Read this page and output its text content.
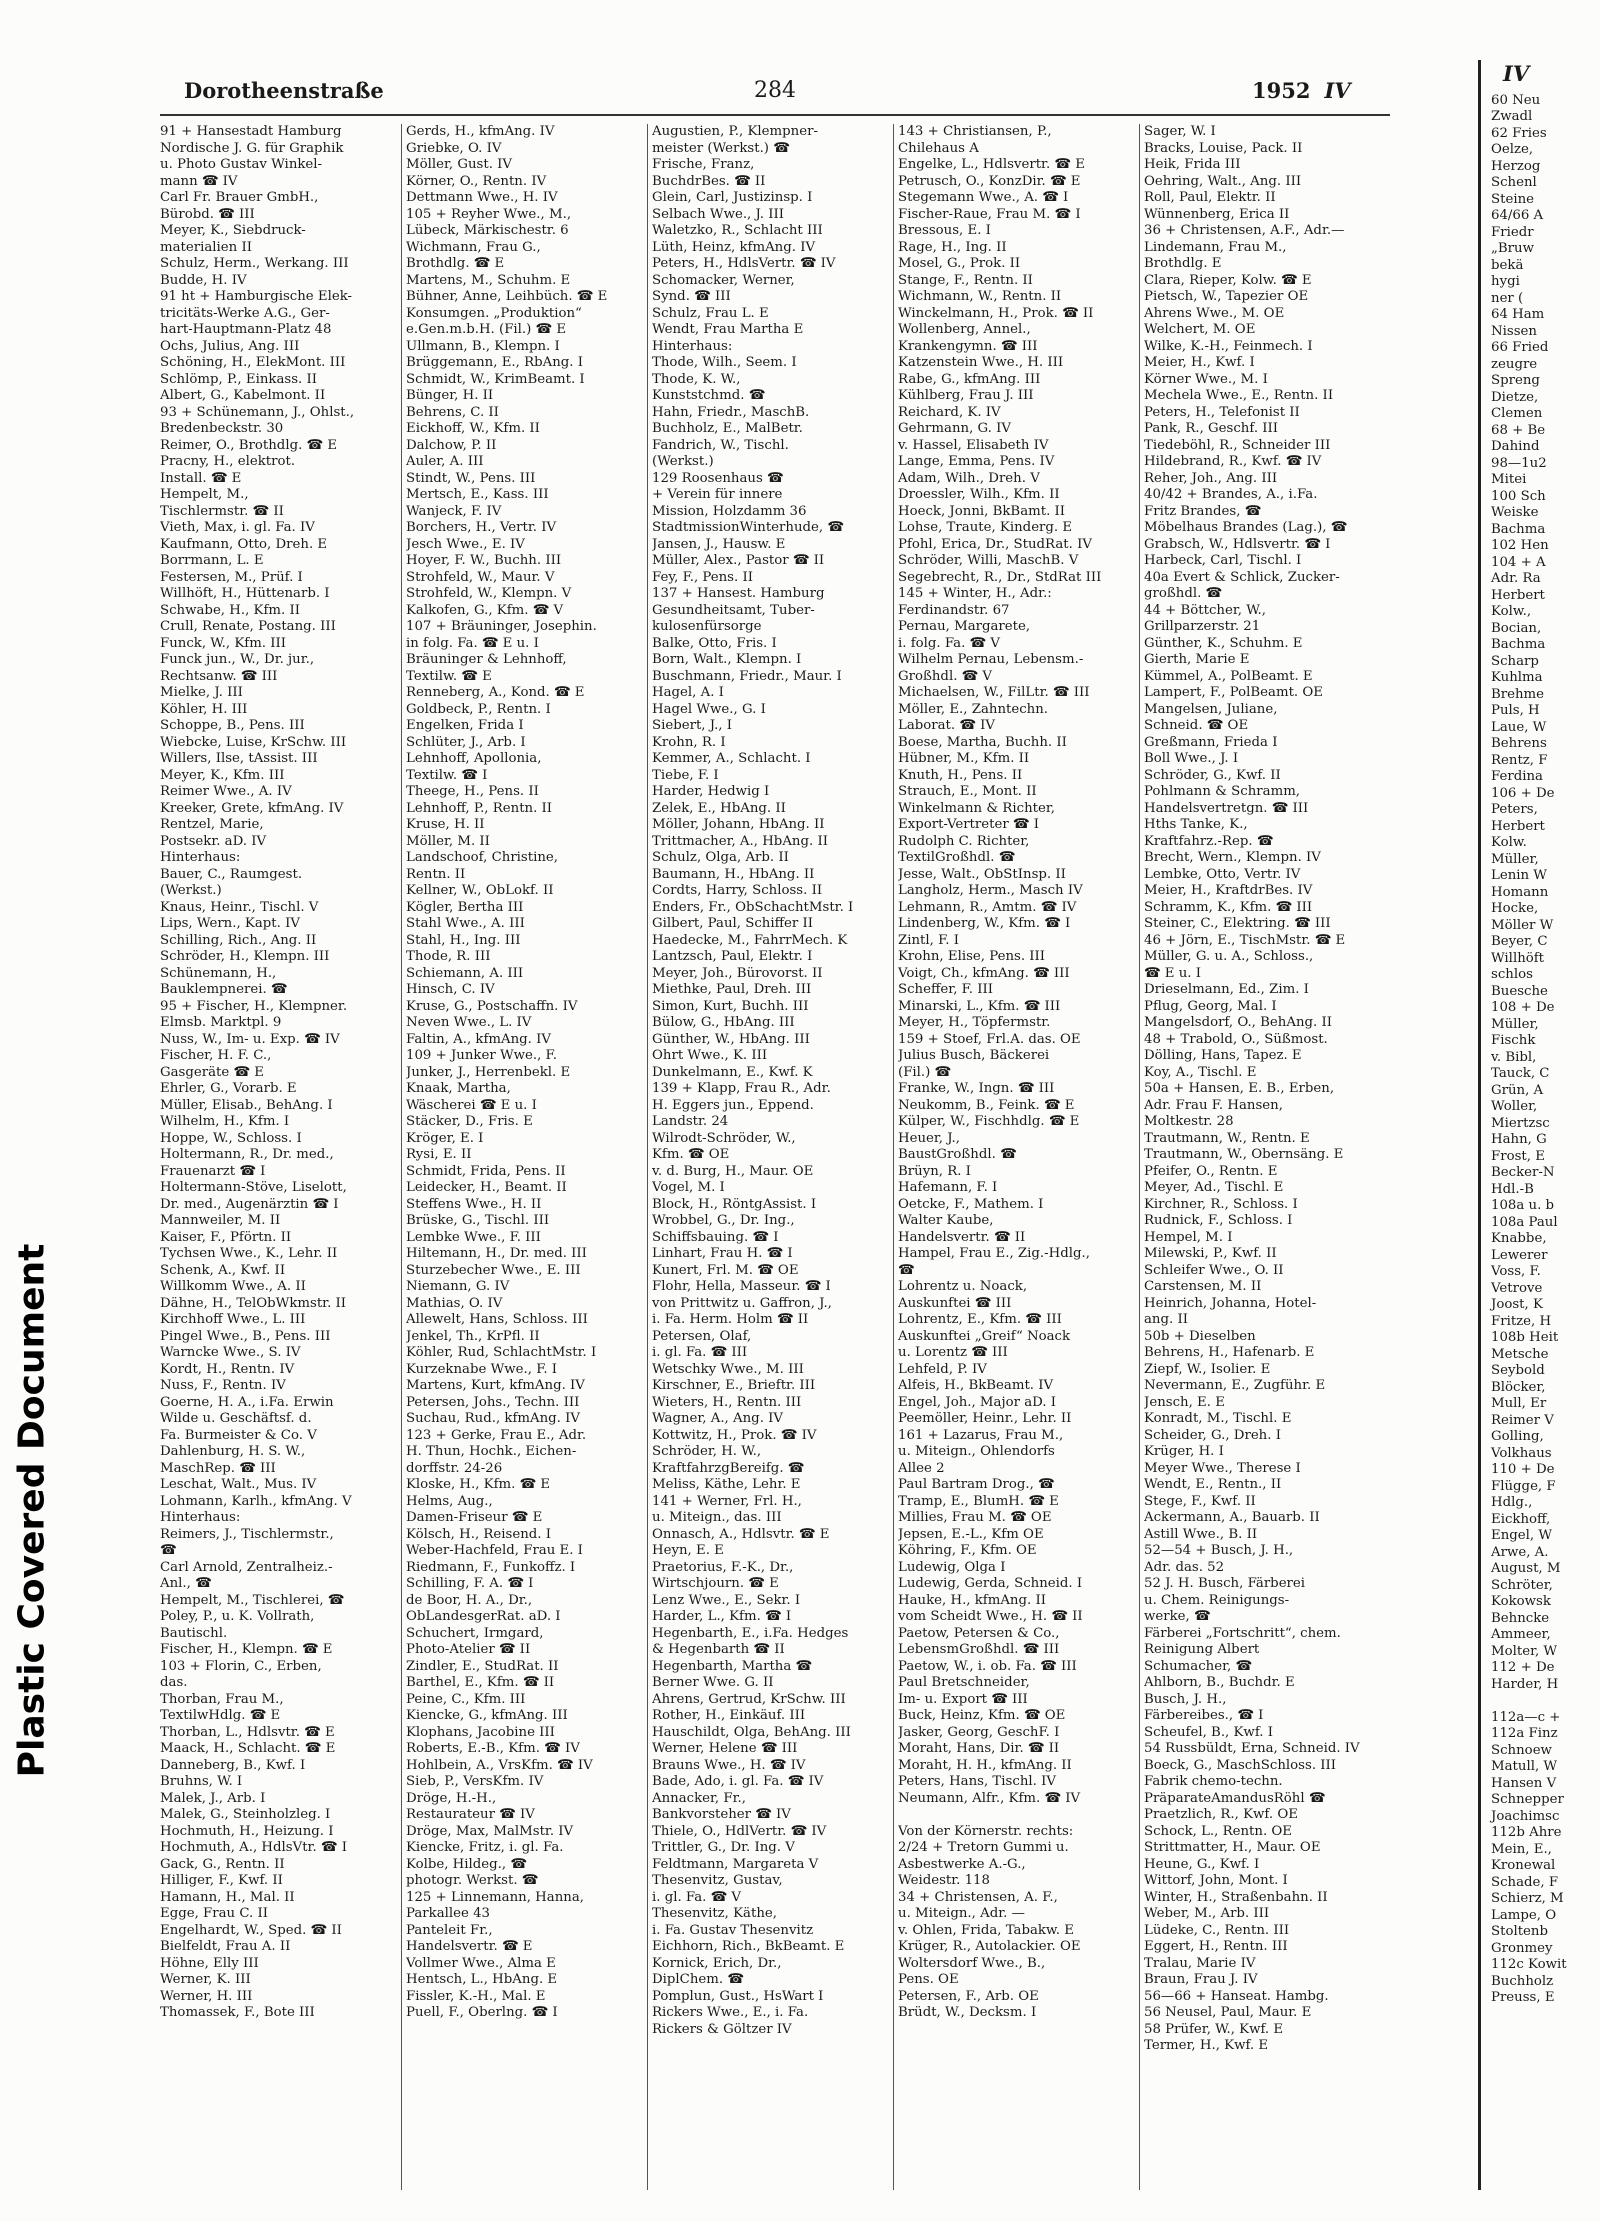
Plastic Covered Document
Dorotheenstraße	284	1952 IV
91 + Hansestadt Hamburg
Nordische J. G. für Graphik
u. Photo Gustav Winkel-
mann ☎ IV
Carl Fr. Brauer GmbH.,
Bürobd. ☎ III
Meyer, K., Siebdruck-
materialien II
Schulz, Herm., Werkang. III
Budde, H. IV
91 ht + Hamburgische Elek-
tricitäts-Werke A.G., Ger-
hart-Hauptmann-Platz 48
Ochs, Julius, Ang. III
Schöning, H., ElekMont. III
Schlömp, P., Einkass. II
Albert, G., Kabelmont. II
93 + Schünemann, J., Ohlst.,
Bredenbeckstr. 30
Reimer, O., Brothdlg. ☎ E
Pracny, H., elektrot.
Install. ☎ E
Hempelt, M.,
Tischlermstr. ☎ II
Vieth, Max, i. gl. Fa. IV
Kaufmann, Otto, Dreh. E
Borrmann, L. E
Festersen, M., Prüf. I
Willhöft, H., Hüttenarb. I
Schwabe, H., Kfm. II
Crull, Renate, Postang. III
Funck, W., Kfm. III
Funck jun., W., Dr. jur.,
Rechtsanw. ☎ III
Mielke, J. III
Köhler, H. III
Schoppe, B., Pens. III
Wiebcke, Luise, KrSchw. III
Willers, Ilse, tAssist. III
Meyer, K., Kfm. III
Reimer Wwe., A. IV
Kreeker, Grete, kfmAng. IV
Rentzel, Marie,
Postsekr. aD. IV
Hinterhaus:
Bauer, C., Raumgest.
(Werkst.)
Knaus, Heinr., Tischl. V
Lips, Wern., Kapt. IV
Schilling, Rich., Ang. II
Schröder, H., Klempn. III
Schünemann, H.,
Bauklempnerei. ☎
95 + Fischer, H., Klempner.
Elmsb. Marktpl. 9
Nuss, W., Im- u. Exp. ☎ IV
Fischer, H. F. C.,
Gasgeräte ☎ E
Ehrler, G., Vorarb. E
Müller, Elisab., BehAng. I
Wilhelm, H., Kfm. I
Hoppe, W., Schloss. I
Holtermann, R., Dr. med.,
Frauenarzt ☎ I
Holtermann-Stöve, Liselott,
Dr. med., Augenärztin ☎ I
Mannweiler, M. II
Kaiser, F., Pförtn. II
Tychsen Wwe., K., Lehr. II
Schenk, A., Kwf. II
Willkomm Wwe., A. II
Dähne, H., TelObWkmstr. II
Kirchhoff Wwe., L. III
Pingel Wwe., B., Pens. III
Warncke Wwe., S. IV
Kordt, H., Rentn. IV
Nuss, F., Rentn. IV
Goerne, H. A., i.Fa. Erwin
Wilde u. Geschäftsf. d.
Fa. Burmeister & Co. V
Dahlenburg, H. S. W.,
MaschRep. ☎ III
Leschat, Walt., Mus. IV
Lohmann, Karlh., kfmAng. V
Hinterhaus:
Reimers, J., Tischlermstr.,
☎
Carl Arnold, Zentralheiz.-
Anl., ☎
Hempelt, M., Tischlerei, ☎
Poley, P., u. K. Vollrath,
Bautischl.
Fischer, H., Klempn. ☎ E
103 + Florin, C., Erben,
das.
Thorban, Frau M.,
TextilwHdlg. ☎ E
Thorban, L., Hdlsvtr. ☎ E
Maack, H., Schlacht. ☎ E
Danneberg, B., Kwf. I
Bruhns, W. I
Malek, J., Arb. I
Malek, G., Steinholzleg. I
Hochmuth, H., Heizung. I
Hochmuth, A., HdlsVtr. ☎ I
Gack, G., Rentn. II
Hilliger, F., Kwf. II
Hamann, H., Mal. II
Egge, Frau C. II
Engelhardt, W., Sped. ☎ II
Bielfeldt, Frau A. II
Höhne, Elly III
Werner, K. III
Werner, H. III
Thomassek, F., Bote III
Gerds, H., kfmAng. IV
Griebke, O. IV
Möller, Gust. IV
Körner, O., Rentn. IV
Dettmann Wwe., H. IV
105 + Reyher Wwe., M.,
Lübeck, Märkischestr. 6
Wichmann, Frau G.,
Brothdlg. ☎ E
Martens, M., Schuhm. E
Bühner, Anne, Leihbüch. ☎ E
Konsumgen. „Produktion“
e.Gen.m.b.H. (Fil.) ☎ E
Ullmann, B., Klempn. I
Brüggemann, E., RbAng. I
Schmidt, W., KrimBeamt. I
Bünger, H. II
Behrens, C. II
Eickhoff, W., Kfm. II
Dalchow, P. II
Auler, A. III
Stindt, W., Pens. III
Mertsch, E., Kass. III
Wanjeck, F. IV
Borchers, H., Vertr. IV
Jesch Wwe., E. IV
Hoyer, F. W., Buchh. III
Strohfeld, W., Maur. V
Strohfeld, W., Klempn. V
Kalkofen, G., Kfm. ☎ V
107 + Bräuninger, Josephin.
in folg. Fa. ☎ E u. I
Bräuninger & Lehnhoff,
Textilw. ☎ E
Renneberg, A., Kond. ☎ E
Goldbeck, P., Rentn. I
Engelken, Frida I
Schlüter, J., Arb. I
Lehnhoff, Apollonia,
Textilw. ☎ I
Theege, H., Pens. II
Lehnhoff, P., Rentn. II
Kruse, H. II
Möller, M. II
Landschoof, Christine,
Rentn. II
Kellner, W., ObLokf. II
Kögler, Bertha III
Stahl Wwe., A. III
Stahl, H., Ing. III
Thode, R. III
Schiemann, A. III
Hinsch, C. IV
Kruse, G., Postschaffn. IV
Neven Wwe., L. IV
Faltin, A., kfmAng. IV
109 + Junker Wwe., F.
Junker, J., Herrenbekl. E
Knaak, Martha,
Wäscherei ☎ E u. I
Stäcker, D., Fris. E
Kröger, E. I
Rysi, E. II
Schmidt, Frida, Pens. II
Leidecker, H., Beamt. II
Steffens Wwe., H. II
Brüske, G., Tischl. III
Lembke Wwe., F. III
Hiltemann, H., Dr. med. III
Sturzebecher Wwe., E. III
Niemann, G. IV
Mathias, O. IV
Allewelt, Hans, Schloss. III
Jenkel, Th., KrPfl. II
Köhler, Rud, SchlachtMstr. I
Kurzeknabe Wwe., F. I
Martens, Kurt, kfmAng. IV
Petersen, Johs., Techn. III
Suchau, Rud., kfmAng. IV
123 + Gerke, Frau E., Adr.
H. Thun, Hochk., Eichen-
dorffstr. 24-26
Kloske, H., Kfm. ☎ E
Helms, Aug.,
Damen-Friseur ☎ E
Kölsch, H., Reisend. I
Weber-Hachfeld, Frau E. I
Riedmann, F., Funkoffz. I
Schilling, F. A. ☎ I
de Boor, H. A., Dr.,
ObLandesgerRat. aD. I
Schuchert, Irmgard,
Photo-Atelier ☎ II
Zindler, E., StudRat. II
Barthel, E., Kfm. ☎ II
Peine, C., Kfm. III
Kiencke, G., kfmAng. III
Klophans, Jacobine III
Roberts, E.-B., Kfm. ☎ IV
Hohlbein, A., VrsKfm. ☎ IV
Sieb, P., VersKfm. IV
Dröge, H.-H.,
Restaurateur ☎ IV
Dröge, Max, MalMstr. IV
Kiencke, Fritz, i. gl. Fa.
Kolbe, Hildeg., ☎
photogr. Werkst. ☎
125 + Linnemann, Hanna,
Parkallee 43
Panteleit Fr.,
Handelsvertr. ☎ E
Vollmer Wwe., Alma E
Hentsch, L., HbAng. E
Fissler, K.-H., Mal. E
Puell, F., Oberlng. ☎ I
Augustien, P., Klempner-
meister (Werkst.) ☎
Frische, Franz,
BuchdrBes. ☎ II
Glein, Carl, Justizinsp. I
Selbach Wwe., J. III
Waletzko, R., Schlacht III
Lüth, Heinz, kfmAng. IV
Peters, H., HdlsVertr. ☎ IV
Schomacker, Werner,
Synd. ☎ III
Schulz, Frau L. E
Wendt, Frau Martha E
Hinterhaus:
Thode, Wilh., Seem. I
Thode, K. W.,
Kunststchmd. ☎
Hahn, Friedr., MaschB.
Buchholz, E., MalBetr.
Fandrich, W., Tischl.
(Werkst.)
129 Roosenhaus ☎
+ Verein für innere
Mission, Holzdamm 36
StadtmissionWinterhude, ☎
Jansen, J., Hausw. E
Müller, Alex., Pastor ☎ II
Fey, F., Pens. II
137 + Hansest. Hamburg
Gesundheitsamt, Tuber-
kulosenfürsorge
Balke, Otto, Fris. I
Born, Walt., Klempn. I
Buschmann, Friedr., Maur. I
Hagel, A. I
Hagel Wwe., G. I
Siebert, J., I
Krohn, R. I
Kemmer, A., Schlacht. I
Tiebe, F. I
Harder, Hedwig I
Zelek, E., HbAng. II
Möller, Johann, HbAng. II
Trittmacher, A., HbAng. II
Schulz, Olga, Arb. II
Baumann, H., HbAng. II
Cordts, Harry, Schloss. II
Enders, Fr., ObSchachtMstr. I
Gilbert, Paul, Schiffer II
Haedecke, M., FahrrMech. K
Lantzsch, Paul, Elektr. I
Meyer, Joh., Bürovorst. II
Miethke, Paul, Dreh. III
Simon, Kurt, Buchh. III
Bülow, G., HbAng. III
Günther, W., HbAng. III
Ohrt Wwe., K. III
Dunkelmann, E., Kwf. K
139 + Klapp, Frau R., Adr.
H. Eggers jun., Eppend.
Landstr. 24
Wilrodt-Schröder, W.,
Kfm. ☎ OE
v. d. Burg, H., Maur. OE
Vogel, M. I
Block, H., RöntgAssist. I
Wrobbel, G., Dr. Ing.,
Schiffsbauing. ☎ I
Linhart, Frau H. ☎ I
Kunert, Frl. M. ☎ OE
Flohr, Hella, Masseur. ☎ I
von Prittwitz u. Gaffron, J.,
i. Fa. Herm. Holm ☎ II
Petersen, Olaf,
i. gl. Fa. ☎ III
Wetschky Wwe., M. III
Kirschner, E., Brieftr. III
Wieters, H., Rentn. III
Wagner, A., Ang. IV
Kottwitz, H., Prok. ☎ IV
Schröder, H. W.,
KraftfahrzgBereifg. ☎
Meliss, Käthe, Lehr. E
141 + Werner, Frl. H.,
u. Miteign., das. III
Onnasch, A., Hdlsvtr. ☎ E
Heyn, E. E
Praetorius, F.-K., Dr.,
Wirtschjourn. ☎ E
Lenz Wwe., E., Sekr. I
Harder, L., Kfm. ☎ I
Hegenbarth, E., i.Fa. Hedges
& Hegenbarth ☎ II
Hegenbarth, Martha ☎
Berner Wwe. G. II
Ahrens, Gertrud, KrSchw. III
Rother, H., Einkäuf. III
Hauschildt, Olga, BehAng. III
Werner, Helene ☎ III
Brauns Wwe., H. ☎ IV
Bade, Ado, i. gl. Fa. ☎ IV
Annacker, Fr.,
Bankvorsteher ☎ IV
Thiele, O., HdlVertr. ☎ IV
Trittler, G., Dr. Ing. V
Feldtmann, Margareta V
Thesenvitz, Gustav,
i. gl. Fa. ☎ V
Thesenvitz, Käthe,
i. Fa. Gustav Thesenvitz
Eichhorn, Rich., BkBeamt. E
Kornick, Erich, Dr.,
DiplChem. ☎
Pomplun, Gust., HsWart I
Rickers Wwe., E., i. Fa.
Rickers & Göltzer IV
143 + Christiansen, P.,
Chilehaus A
Engelke, L., Hdlsvertr. ☎ E
Petrusch, O., KonzDir. ☎ E
Stegemann Wwe., A. ☎ I
Fischer-Raue, Frau M. ☎ I
Bressous, E. I
Rage, H., Ing. II
Mosel, G., Prok. II
Stange, F., Rentn. II
Wichmann, W., Rentn. II
Winckelmann, H., Prok. ☎ II
Wollenberg, Annel.,
Krankengymn. ☎ III
Katzenstein Wwe., H. III
Rabe, G., kfmAng. III
Kühlberg, Frau J. III
Reichard, K. IV
Gehrmann, G. IV
v. Hassel, Elisabeth IV
Lange, Emma, Pens. IV
Adam, Wilh., Dreh. V
Droessler, Wilh., Kfm. II
Hoeck, Jonni, BkBamt. II
Lohse, Traute, Kinderg. E
Pfohl, Erica, Dr., StudRat. IV
Schröder, Willi, MaschB. V
Segebrecht, R., Dr., StdRat III
145 + Winter, H., Adr.:
Ferdinandstr. 67
Pernau, Margarete,
i. folg. Fa. ☎ V
Wilhelm Pernau, Lebensm.-
Großhdl. ☎ V
Michaelsen, W., FilLtr. ☎ III
Möller, E., Zahntechn.
Laborat. ☎ IV
Boese, Martha, Buchh. II
Hübner, M., Kfm. II
Knuth, H., Pens. II
Strauch, E., Mont. II
Winkelmann & Richter,
Export-Vertreter ☎ I
Rudolph C. Richter,
TextilGroßhdl. ☎
Jesse, Walt., ObStInsp. II
Langholz, Herm., Masch IV
Lehmann, R., Amtm. ☎ IV
Lindenberg, W., Kfm. ☎ I
Zintl, F. I
Krohn, Elise, Pens. III
Voigt, Ch., kfmAng. ☎ III
Scheffer, F. III
Minarski, L., Kfm. ☎ III
Meyer, H., Töpfermstr.
159 + Stoef, Frl.A. das. OE
Julius Busch, Bäckerei
(Fil.) ☎
Franke, W., Ingn. ☎ III
Neukomm, B., Feink. ☎ E
Külper, W., Fischhdlg. ☎ E
Heuer, J.,
BaustGroßhdl. ☎
Brüyn, R. I
Hafemann, F. I
Oetcke, F., Mathem. I
Walter Kaube,
Handelsvertr. ☎ II
Hampel, Frau E., Zig.-Hdlg.,
☎
Lohrentz u. Noack,
Auskunftei ☎ III
Lohrentz, E., Kfm. ☎ III
Auskunftei „Greif“ Noack
u. Lorentz ☎ III
Lehfeld, P. IV
Alfeis, H., BkBeamt. IV
Engel, Joh., Major aD. I
Peemöller, Heinr., Lehr. II
161 + Lazarus, Frau M.,
u. Miteign., Ohlendorfs
Allee 2
Paul Bartram Drog., ☎
Tramp, E., BlumH. ☎ E
Millies, Frau M. ☎ OE
Jepsen, E.-L., Kfm OE
Köhring, F., Kfm. OE
Ludewig, Olga I
Ludewig, Gerda, Schneid. I
Hauke, H., kfmAng. II
vom Scheidt Wwe., H. ☎ II
Paetow, Petersen & Co.,
LebensmGroßhdl. ☎ III
Paetow, W., i. ob. Fa. ☎ III
Paul Bretschneider,
Im- u. Export ☎ III
Buck, Heinz, Kfm. ☎ OE
Jasker, Georg, GeschF. I
Moraht, Hans, Dir. ☎ II
Moraht, H. H., kfmAng. II
Peters, Hans, Tischl. IV
Neumann, Alfr., Kfm. ☎ IV

Von der Körnerstr. rechts:
2/24 + Tretorn Gummi u.
Asbestwerke A.-G.,
Weidestr. 118
34 + Christensen, A. F.,
u. Miteign., Adr. —
v. Ohlen, Frida, Tabakw. E
Krüger, R., Autolackier. OE
Woltersdorf Wwe., B.,
Pens. OE
Petersen, F., Arb. OE
Brüdt, W., Decksm. I
Sager, W. I
Bracks, Louise, Pack. II
Heik, Frida III
Oehring, Walt., Ang. III
Roll, Paul, Elektr. II
Wünnenberg, Erica II
36 + Christensen, A.F., Adr.—
Lindemann, Frau M.,
Brothdlg. E
Clara, Rieper, Kolw. ☎ E
Pietsch, W., Tapezier OE
Ahrens Wwe., M. OE
Welchert, M. OE
Wilke, K.-H., Feinmech. I
Meier, H., Kwf. I
Körner Wwe., M. I
Mechela Wwe., E., Rentn. II
Peters, H., Telefonist II
Pank, R., Geschf. III
Tiedeböhl, R., Schneider III
Hildebrand, R., Kwf. ☎ IV
Reher, Joh., Ang. III
40/42 + Brandes, A., i.Fa.
Fritz Brandes, ☎
Möbelhaus Brandes (Lag.), ☎
Grabsch, W., Hdlsvertr. ☎ I
Harbeck, Carl, Tischl. I
40a Evert & Schlick, Zucker-
großhdl. ☎
44 + Böttcher, W.,
Grillparzerstr. 21
Günther, K., Schuhm. E
Gierth, Marie E
Kümmel, A., PolBeamt. E
Lampert, F., PolBeamt. OE
Mangelsen, Juliane,
Schneid. ☎ OE
Greßmann, Frieda I
Boll Wwe., J. I
Schröder, G., Kwf. II
Pohlmann & Schramm,
Handelsvertretgn. ☎ III
Hths Tanke, K.,
Kraftfahrz.-Rep. ☎
Brecht, Wern., Klempn. IV
Lembke, Otto, Vertr. IV
Meier, H., KraftdrBes. IV
Schramm, K., Kfm. ☎ III
Steiner, C., Elektring. ☎ III
46 + Jörn, E., TischMstr. ☎ E
Müller, G. u. A., Schloss.,
☎ E u. I
Drieselmann, Ed., Zim. I
Pflug, Georg, Mal. I
Mangelsdorf, O., BehAng. II
48 + Trabold, O., Süßmost.
Dölling, Hans, Tapez. E
Koy, A., Tischl. E
50a + Hansen, E. B., Erben,
Adr. Frau F. Hansen,
Moltkestr. 28
Trautmann, W., Rentn. E
Trautmann, W., Obernsäng. E
Pfeifer, O., Rentn. E
Meyer, Ad., Tischl. E
Kirchner, R., Schloss. I
Rudnick, F., Schloss. I
Hempel, M. I
Milewski, P., Kwf. II
Schleifer Wwe., O. II
Carstensen, M. II
Heinrich, Johanna, Hotel-
ang. II
50b + Dieselben
Behrens, H., Hafenarb. E
Ziepf, W., Isolier. E
Nevermann, E., Zugführ. E
Jensch, E. E
Konradt, M., Tischl. E
Scheider, G., Dreh. I
Krüger, H. I
Meyer Wwe., Therese I
Wendt, E., Rentn., II
Stege, F., Kwf. II
Ackermann, A., Bauarb. II
Astill Wwe., B. II
52—54 + Busch, J. H.,
Adr. das. 52
52 J. H. Busch, Färberei
u. Chem. Reinigungs-
werke, ☎
Färberei „Fortschritt“, chem.
Reinigung Albert
Schumacher, ☎
Ahlborn, B., Buchdr. E
Busch, J. H.,
Färbereibes., ☎ I
Scheufel, B., Kwf. I
54 Russbüldt, Erna, Schneid. IV
Boeck, G., MaschSchloss. III
Fabrik chemo-techn.
PräparateAmandusRöhl ☎
Praetzlich, R., Kwf. OE
Schock, L., Rentn. OE
Strittmatter, H., Maur. OE
Heune, G., Kwf. I
Wittorf, John, Mont. I
Winter, H., Straßenbahn. II
Weber, M., Arb. III
Lüdeke, C., Rentn. III
Eggert, H., Rentn. III
Tralau, Marie IV
Braun, Frau J. IV
56—66 + Hanseat. Hambg.
56 Neusel, Paul, Maur. E
58 Prüfer, W., Kwf. E
Termer, H., Kwf. E
IV
60 Neu
Zwadl
62 Fries
Oelze,
Herzog
Schenl
Steine
64/66 A
Friedr
„Bruw
bekä
hygi
ner (
64 Ham
Nissen
66 Fried
zeugre
Spreng
Dietze,
Clemen
68 + Be
Dahind
98—1u2
Mitei
100 Sch
Weiske
Bachma
102 Hen
104 + A
Adr. Ra
Herbert
Kolw.,
Bocian,
Bachma
Scharp
Kuhlma
Brehme
Puls, H
Laue, W
Behrens
Rentz, F
Ferdina
106 + De
Peters,
Herbert
Kolw.
Müller,
Lenin W
Homann
Hocke,
Möller W
Beyer, C
Willhöft
schlos
Buesche
108 + De
Müller,
Fischk
v. Bibl,
Tauck, C
Grün, A
Woller,
Miertzsc
Hahn, G
Frost, E
Becker-N
Hdl.-B
108a u. b
108a Paul
Knabbe,
Lewerer
Voss, F.
Vetrove
Joost, K
Fritze, H
108b Heit
Metsche
Seybold
Blöcker,
Mull, Er
Reimer V
Golling,
Volkhaus
110 + De
Flügge, F
Hdlg.,
Eickhoff,
Engel, W
Arwe, A.
August, M
Schröter,
Kokowsk
Behncke
Ammeer,
Molter, W
112 + De
Harder, H

112a—c +
112a Finz
Schnoew
Matull, W
Hansen V
Schnepper
Joachimsc
112b Ahre
Mein, E.,
Kronewal
Schade, F
Schierz, M
Lampe, O
Stoltenb
Gronmey
112c Kowit
Buchholz
Preuss, E
